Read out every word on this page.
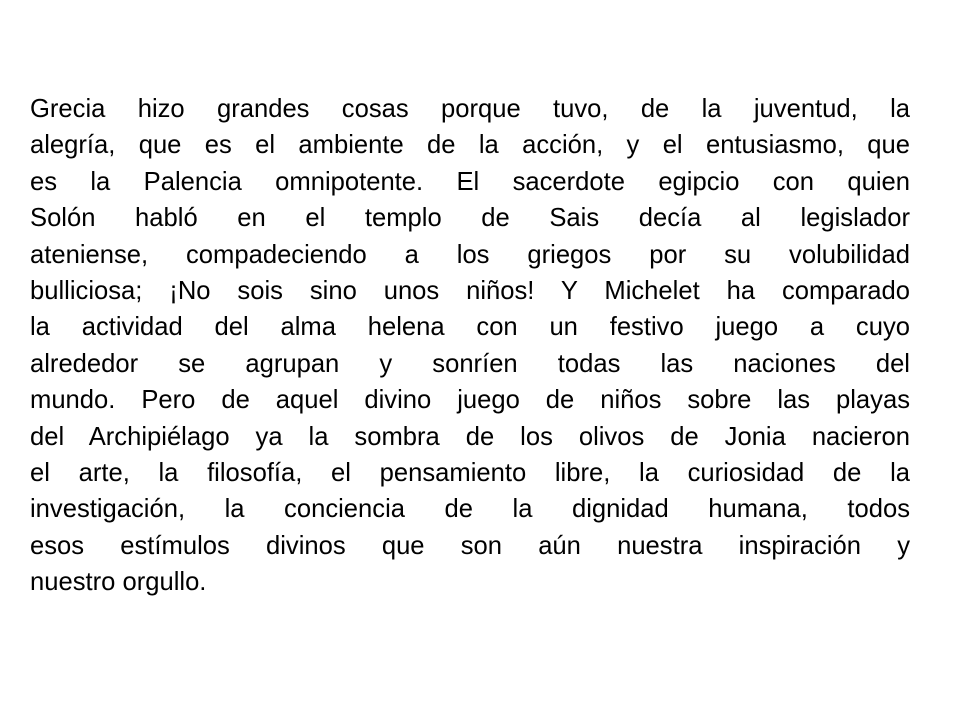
Grecia hizo grandes cosas porque tuvo, de la juventud, la
alegría, que es el ambiente de la acción, y el entusiasmo, que
es la Palencia omnipotente. El sacerdote egipcio con quien
Solón habló en el templo de Sais decía al legislador
ateniense, compadeciendo a los griegos por su volubilidad
bulliciosa; ¡No sois sino unos niños! Y Michelet ha comparado
la actividad del alma helena con un festivo juego a cuyo
alrededor se agrupan y sonríen todas las naciones del
mundo. Pero de aquel divino juego de niños sobre las playas
del Archipiélago ya la sombra de los olivos de Jonia nacieron
el arte, la filosofía, el pensamiento libre, la curiosidad de la
investigación, la conciencia de la dignidad humana, todos
esos estímulos divinos que son aún nuestra inspiración y
nuestro orgullo.
